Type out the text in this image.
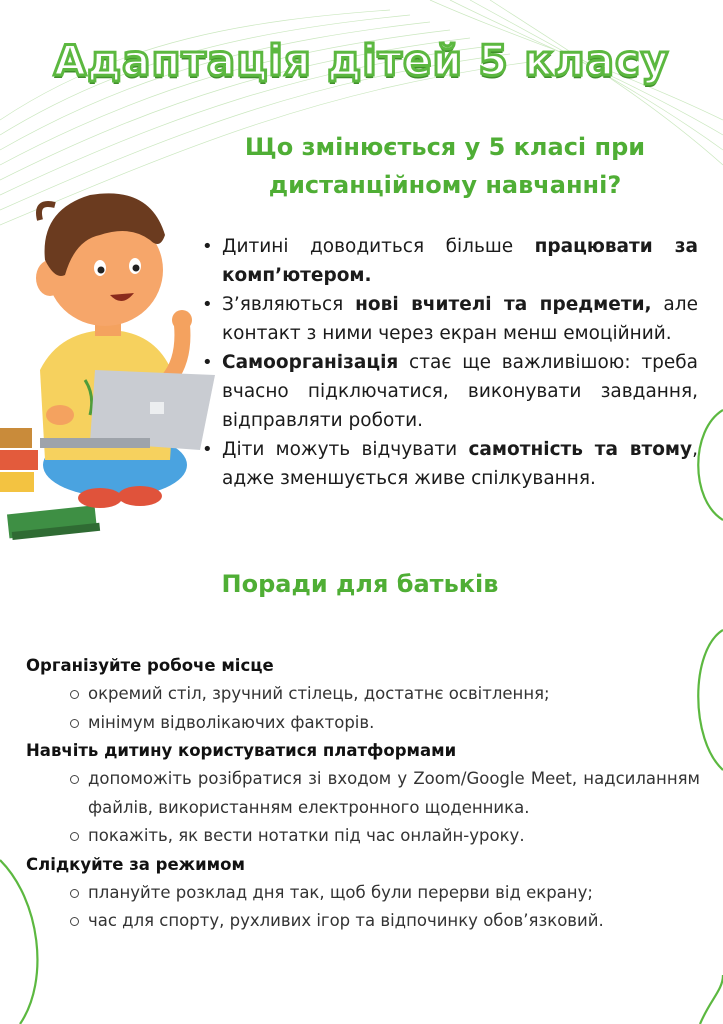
Адаптація дітей 5 класу
Що змінюється у 5 класі при дистанційному навчанні?
• Дитині доводиться більше працювати за комп’ютером.
• З’являються нові вчителі та предмети, але контакт з ними через екран менш емоційний.
• Самоорганізація стає ще важливішою: треба вчасно підключатися, виконувати завдання, відправляти роботи.
• Діти можуть відчувати самотність та втому, адже зменшується живе спілкування.
Поради для батьків
Організуйте робоче місце
окремий стіл, зручний стілець, достатнє освітлення;
мінімум відволікаючих факторів.
Навчіть дитину користуватися платформами
допоможіть розібратися зі входом у Zoom/Google Meet, надсиланням файлів, використанням електронного щоденника.
покажіть, як вести нотатки під час онлайн-уроку.
Слідкуйте за режимом
плануйте розклад дня так, щоб були перерви від екрану;
час для спорту, рухливих ігор та відпочинку обов’язковий.
